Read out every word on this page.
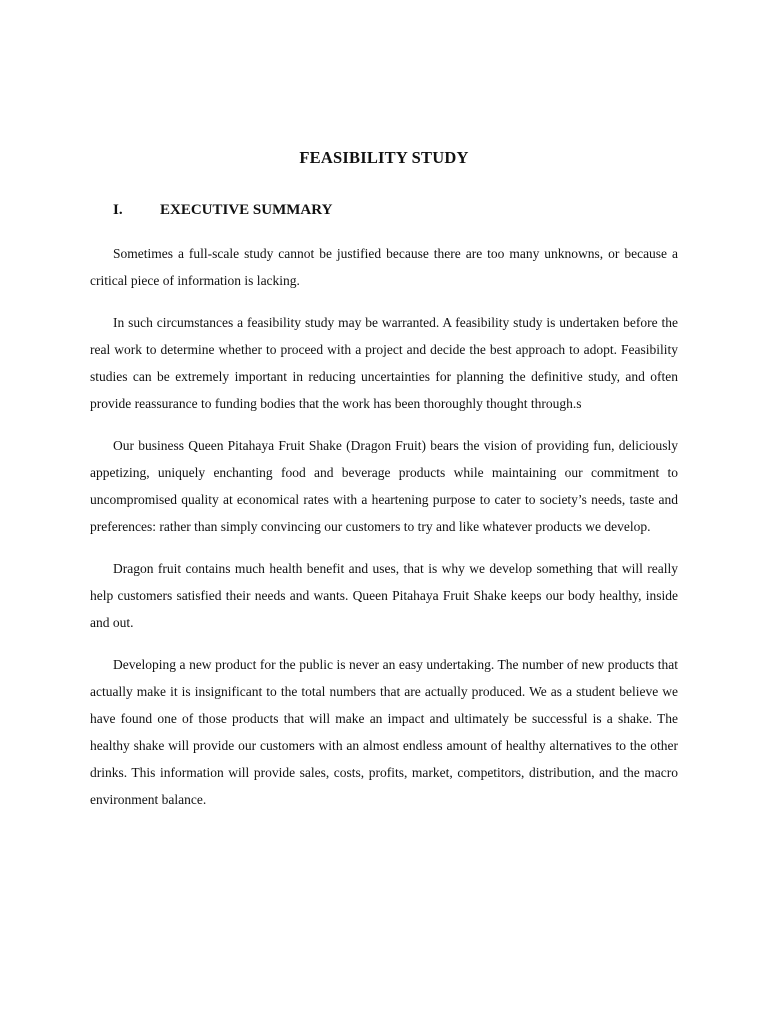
FEASIBILITY STUDY
I. EXECUTIVE SUMMARY

Sometimes a full-scale study cannot be justified because there are too many unknowns, or because a critical piece of information is lacking.

In such circumstances a feasibility study may be warranted. A feasibility study is undertaken before the real work to determine whether to proceed with a project and decide the best approach to adopt. Feasibility studies can be extremely important in reducing uncertainties for planning the definitive study, and often provide reassurance to funding bodies that the work has been thoroughly thought through.s

Our business Queen Pitahaya Fruit Shake (Dragon Fruit) bears the vision of providing fun, deliciously appetizing, uniquely enchanting food and beverage products while maintaining our commitment to uncompromised quality at economical rates with a heartening purpose to cater to society’s needs, taste and preferences: rather than simply convincing our customers to try and like whatever products we develop.

Dragon fruit contains much health benefit and uses, that is why we develop something that will really help customers satisfied their needs and wants. Queen Pitahaya Fruit Shake keeps our body healthy, inside and out.

Developing a new product for the public is never an easy undertaking. The number of new products that actually make it is insignificant to the total numbers that are actually produced. We as a student believe we have found one of those products that will make an impact and ultimately be successful is a shake. The healthy shake will provide our customers with an almost endless amount of healthy alternatives to the other drinks. This information will provide sales, costs, profits, market, competitors, distribution, and the macro environment balance.
